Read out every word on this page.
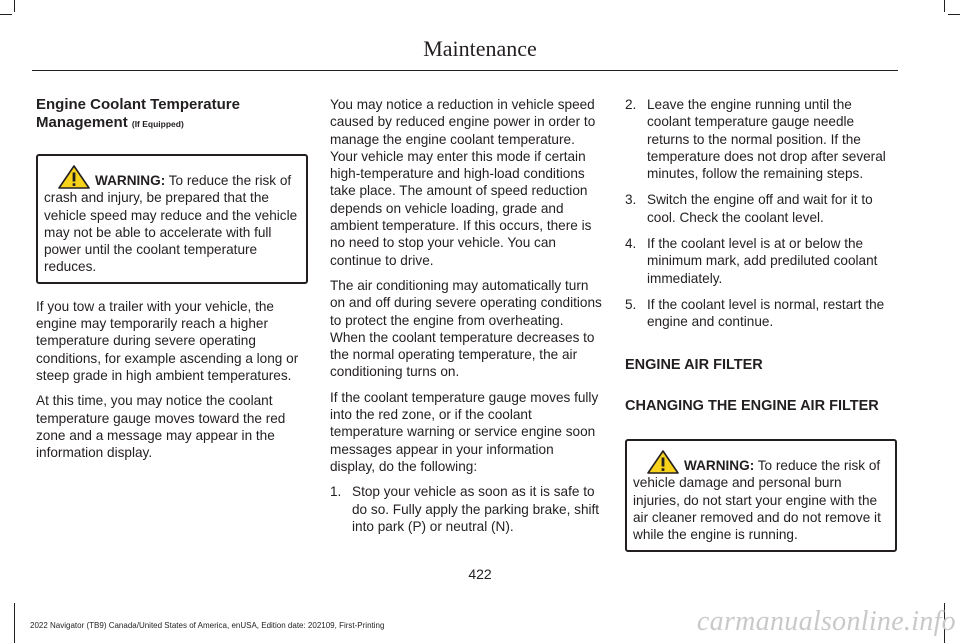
Maintenance
Engine Coolant Temperature Management (If Equipped)
WARNING: To reduce the risk of crash and injury, be prepared that the vehicle speed may reduce and the vehicle may not be able to accelerate with full power until the coolant temperature reduces.

If you tow a trailer with your vehicle, the engine may temporarily reach a higher temperature during severe operating conditions, for example ascending a long or steep grade in high ambient temperatures.

At this time, you may notice the coolant temperature gauge moves toward the red zone and a message may appear in the information display.

You may notice a reduction in vehicle speed caused by reduced engine power in order to manage the engine coolant temperature. Your vehicle may enter this mode if certain high-temperature and high-load conditions take place. The amount of speed reduction depends on vehicle loading, grade and ambient temperature. If this occurs, there is no need to stop your vehicle. You can continue to drive.

The air conditioning may automatically turn on and off during severe operating conditions to protect the engine from overheating. When the coolant temperature decreases to the normal operating temperature, the air conditioning turns on.

If the coolant temperature gauge moves fully into the red zone, or if the coolant temperature warning or service engine soon messages appear in your information display, do the following:

1. Stop your vehicle as soon as it is safe to do so. Fully apply the parking brake, shift into park (P) or neutral (N).
2. Leave the engine running until the coolant temperature gauge needle returns to the normal position. If the temperature does not drop after several minutes, follow the remaining steps.
3. Switch the engine off and wait for it to cool. Check the coolant level.
4. If the coolant level is at or below the minimum mark, add prediluted coolant immediately.
5. If the coolant level is normal, restart the engine and continue.
ENGINE AIR FILTER
CHANGING THE ENGINE AIR FILTER
WARNING: To reduce the risk of vehicle damage and personal burn injuries, do not start your engine with the air cleaner removed and do not remove it while the engine is running.
422
2022 Navigator (TB9) Canada/United States of America, enUSA, Edition date: 202109, First-Printing	carmanualsonline.info
